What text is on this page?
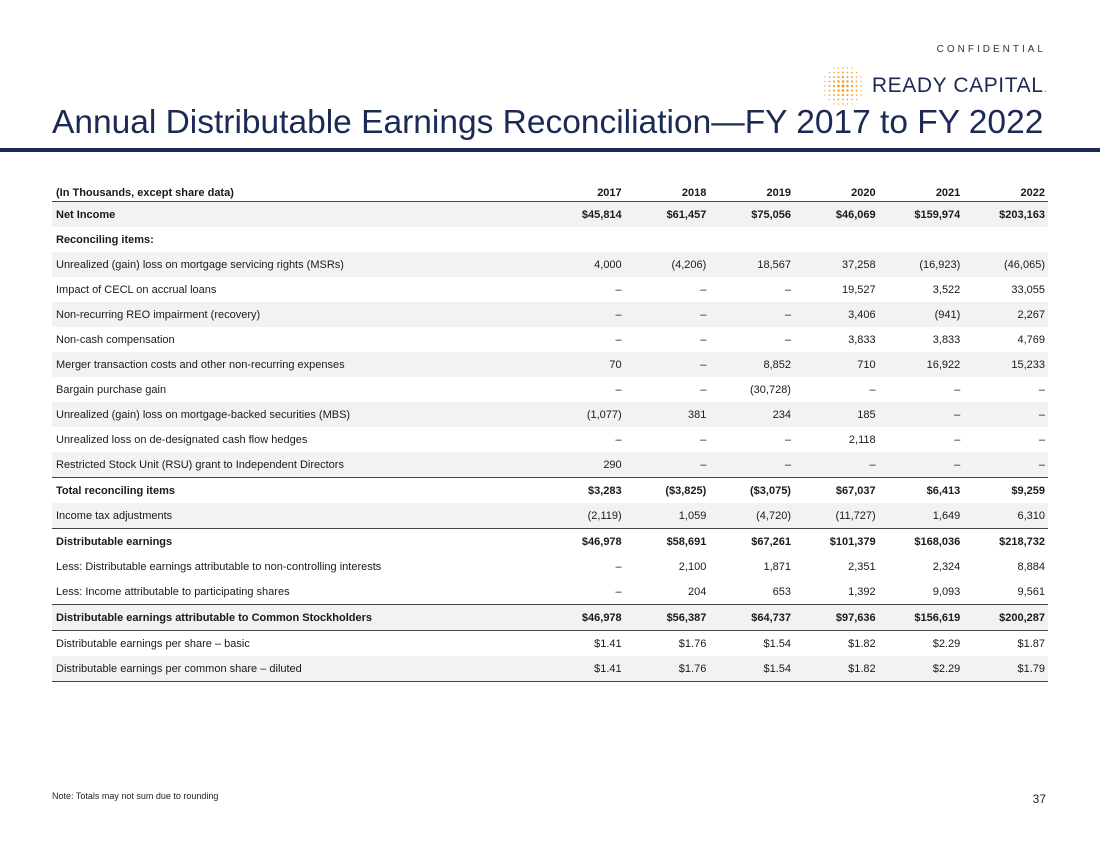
CONFIDENTIAL
READY CAPITAL.
Annual Distributable Earnings Reconciliation—FY 2017 to FY 2022
(In Thousands, except share data)	2017	2018	2019	2020	2021	2022
Net Income	$45,814	$61,457	$75,056	$46,069	$159,974	$203,163
Reconciling items:						
Unrealized (gain) loss on mortgage servicing rights (MSRs)	4,000	(4,206)	18,567	37,258	(16,923)	(46,065)
Impact of CECL on accrual loans	–	–	–	19,527	3,522	33,055
Non-recurring REO impairment (recovery)	–	–	–	3,406	(941)	2,267
Non-cash compensation	–	–	–	3,833	3,833	4,769
Merger transaction costs and other non-recurring expenses	70	–	8,852	710	16,922	15,233
Bargain purchase gain	–	–	(30,728)	–	–	–
Unrealized (gain) loss on mortgage-backed securities (MBS)	(1,077)	381	234	185	–	–
Unrealized loss on de-designated cash flow hedges	–	–	–	2,118	–	–
Restricted Stock Unit (RSU) grant to Independent Directors	290	–	–	–	–	–
Total reconciling items	$3,283	($3,825)	($3,075)	$67,037	$6,413	$9,259
Income tax adjustments	(2,119)	1,059	(4,720)	(11,727)	1,649	6,310
Distributable earnings	$46,978	$58,691	$67,261	$101,379	$168,036	$218,732
Less: Distributable earnings attributable to non-controlling interests	–	2,100	1,871	2,351	2,324	8,884
Less: Income attributable to participating shares	–	204	653	1,392	9,093	9,561
Distributable earnings attributable to Common Stockholders	$46,978	$56,387	$64,737	$97,636	$156,619	$200,287
Distributable earnings per share – basic	$1.41	$1.76	$1.54	$1.82	$2.29	$1.87
Distributable earnings per common share – diluted	$1.41	$1.76	$1.54	$1.82	$2.29	$1.79
Note: Totals may not sum due to rounding	37
